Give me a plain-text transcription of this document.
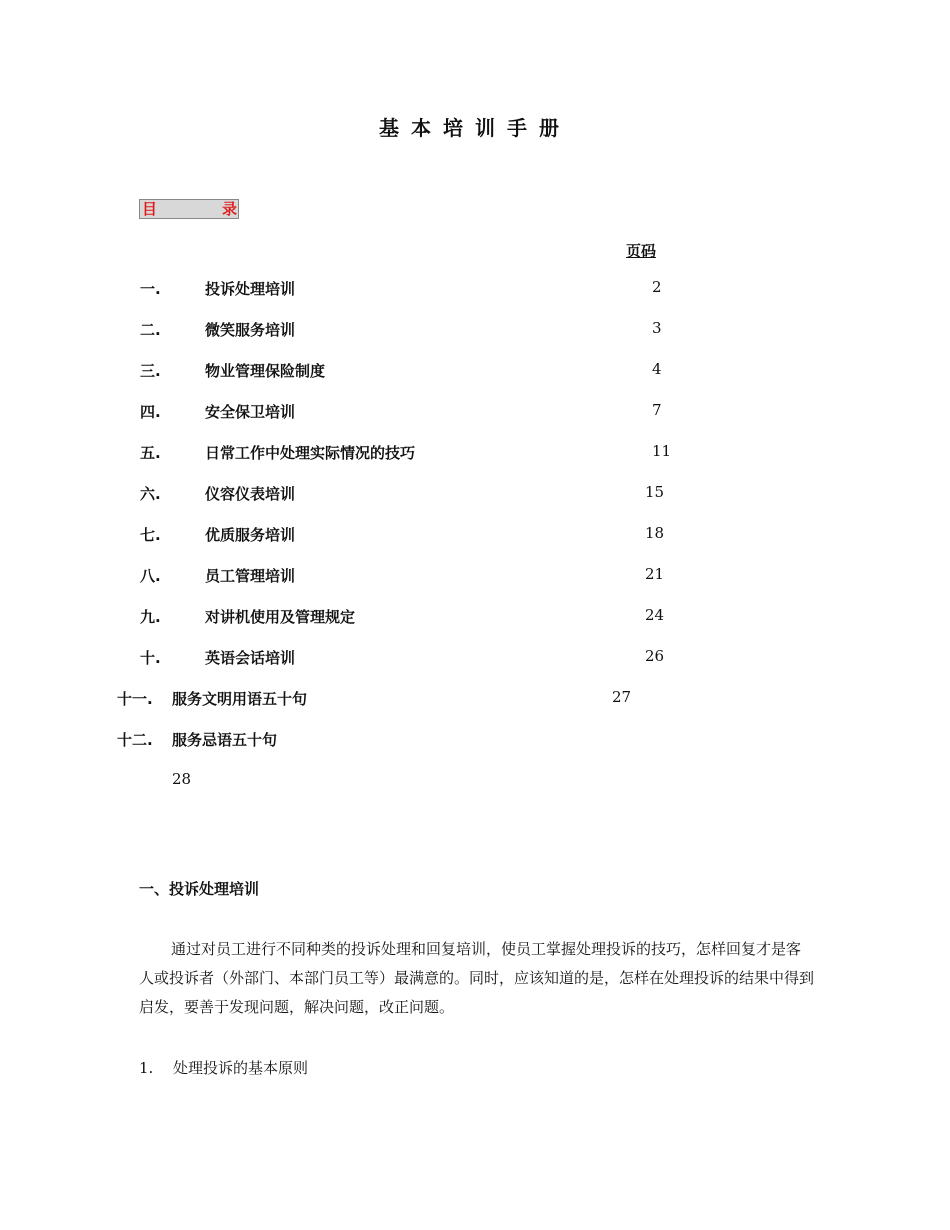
基本培训手册
目	录
页码
一.	投诉处理培训	2
二.	微笑服务培训	3
三.	物业管理保险制度	4
四.	安全保卫培训	7
五.	日常工作中处理实际情况的技巧	11
六.	仪容仪表培训	15
七.	优质服务培训	18
八.	员工管理培训	21
九.	对讲机使用及管理规定	24
十.	英语会话培训	26
十一. 服务文明用语五十句	27
十二. 服务忌语五十句
28
一、投诉处理培训
通过对员工进行不同种类的投诉处理和回复培训，使员工掌握处理投诉的技巧，怎样回复才是客人或投诉者（外部门、本部门员工等）最满意的。同时，应该知道的是，怎样在处理投诉的结果中得到启发，要善于发现问题，解决问题，改正问题。
1. 处理投诉的基本原则
